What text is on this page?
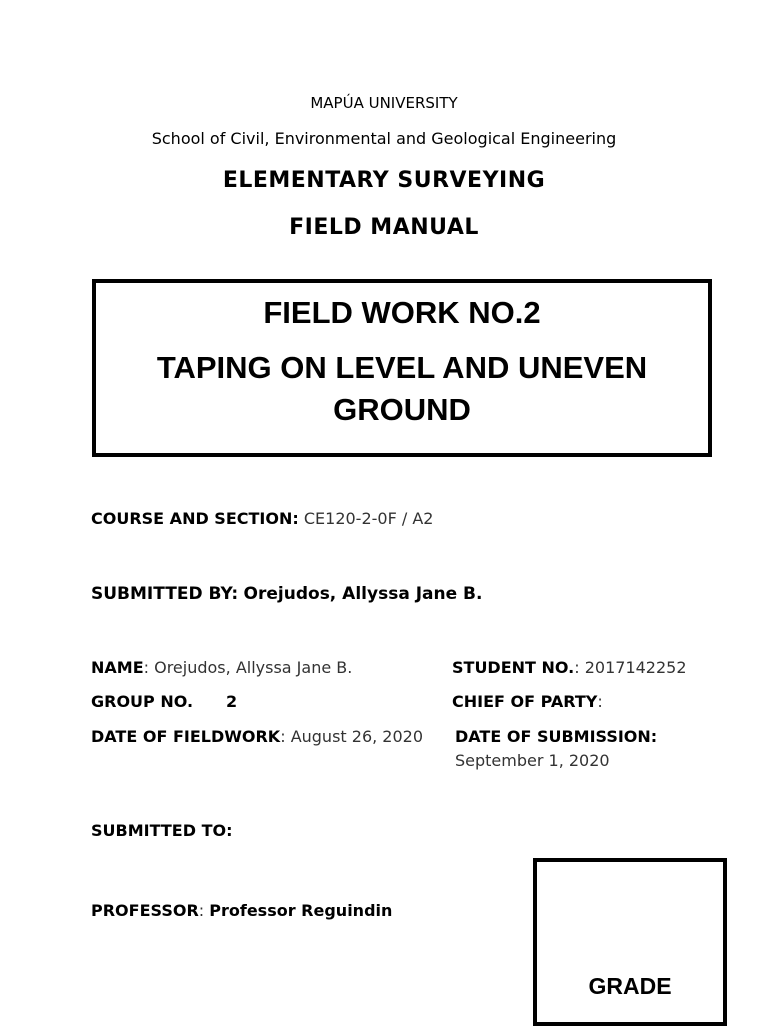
MAPÚA UNIVERSITY
School of Civil, Environmental and Geological Engineering
ELEMENTARY SURVEYING
FIELD MANUAL
FIELD WORK NO.2
TAPING ON LEVEL AND UNEVEN GROUND
COURSE AND SECTION: CE120-2-0F / A2
SUBMITTED BY: Orejudos, Allyssa Jane B.
NAME: Orejudos, Allyssa Jane B.	STUDENT NO.: 2017142252
GROUP NO. 2	CHIEF OF PARTY:
DATE OF FIELDWORK: August 26, 2020 DATE OF SUBMISSION:
September 1, 2020
SUBMITTED TO:
PROFESSOR: Professor Reguindin
GRADE
